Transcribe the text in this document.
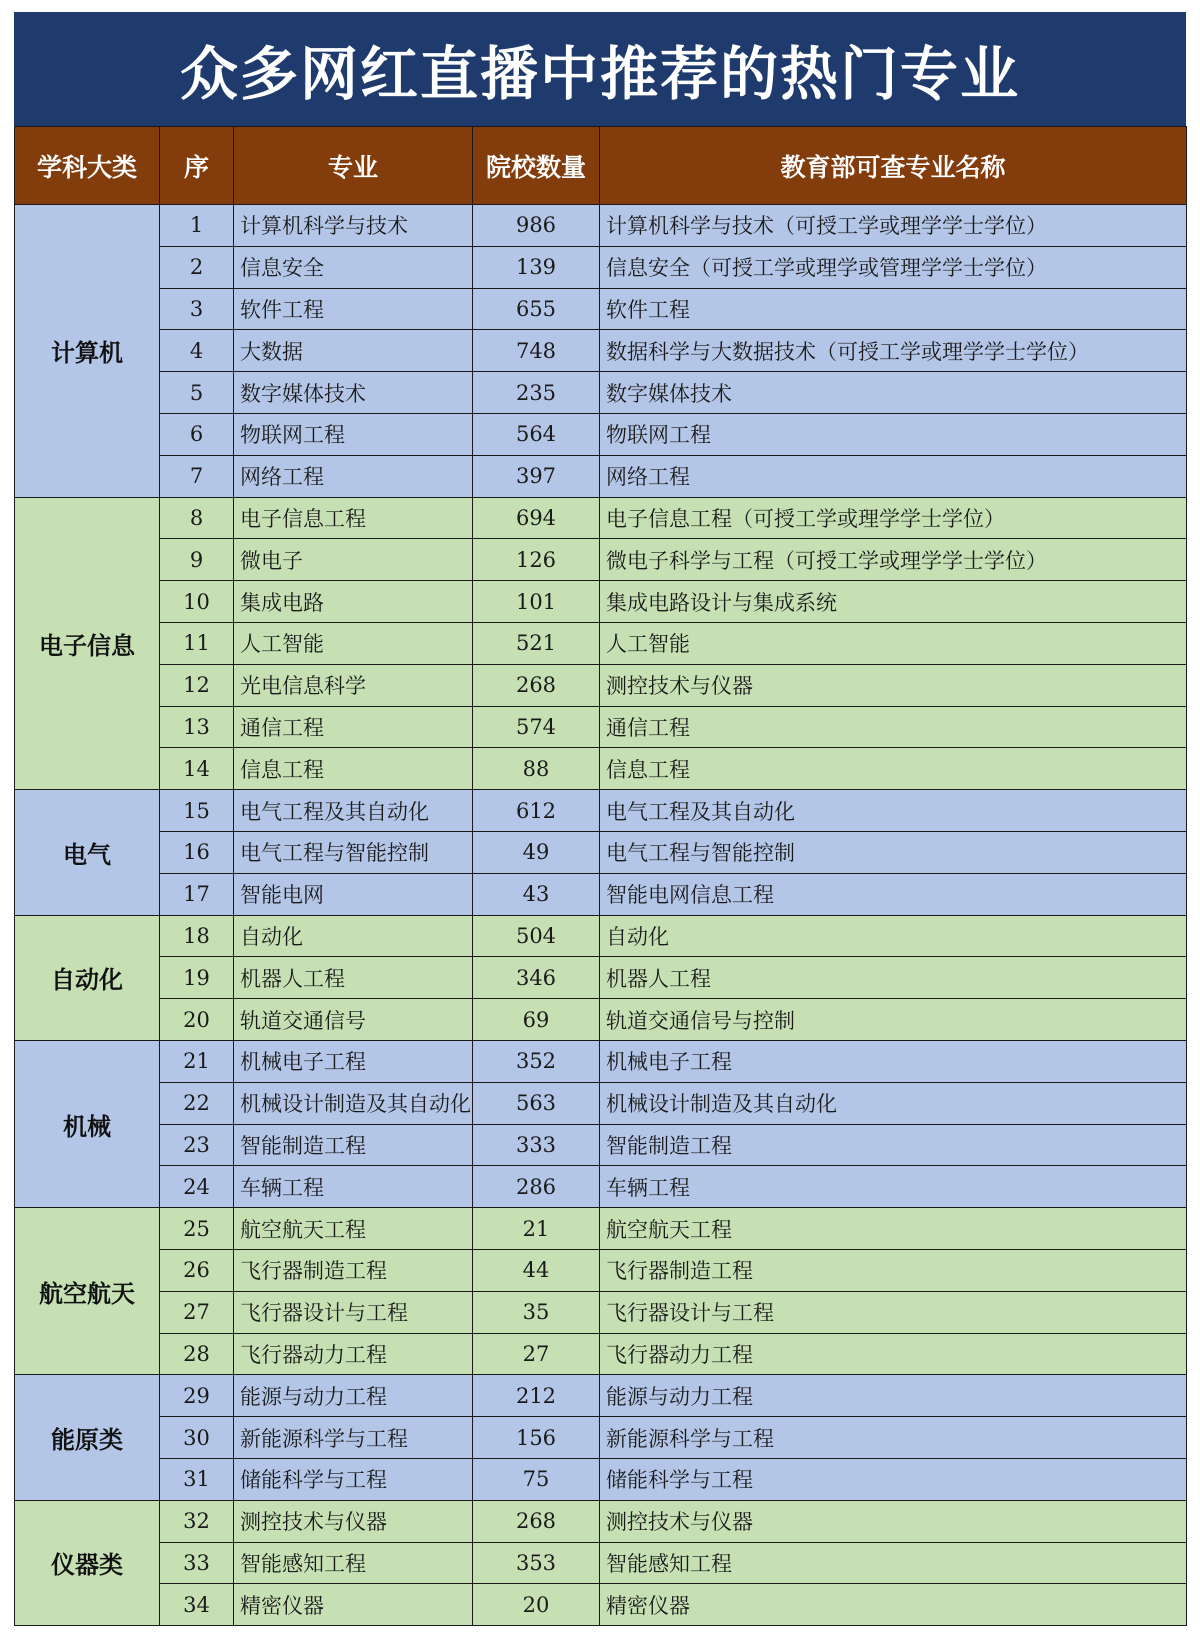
众多网红直播中推荐的热门专业
学科大类	序	专业	院校数量	教育部可查专业名称
计算机	1	计算机科学与技术	986	计算机科学与技术（可授工学或理学学士学位）
	2	信息安全	139	信息安全（可授工学或理学或管理学学士学位）
	3	软件工程	655	软件工程
	4	大数据	748	数据科学与大数据技术（可授工学或理学学士学位）
	5	数字媒体技术	235	数字媒体技术
	6	物联网工程	564	物联网工程
	7	网络工程	397	网络工程
电子信息	8	电子信息工程	694	电子信息工程（可授工学或理学学士学位）
	9	微电子	126	微电子科学与工程（可授工学或理学学士学位）
	10	集成电路	101	集成电路设计与集成系统
	11	人工智能	521	人工智能
	12	光电信息科学	268	测控技术与仪器
	13	通信工程	574	通信工程
	14	信息工程	88	信息工程
电气	15	电气工程及其自动化	612	电气工程及其自动化
	16	电气工程与智能控制	49	电气工程与智能控制
	17	智能电网	43	智能电网信息工程
自动化	18	自动化	504	自动化
	19	机器人工程	346	机器人工程
	20	轨道交通信号	69	轨道交通信号与控制
机械	21	机械电子工程	352	机械电子工程
	22	机械设计制造及其自动化	563	机械设计制造及其自动化
	23	智能制造工程	333	智能制造工程
	24	车辆工程	286	车辆工程
航空航天	25	航空航天工程	21	航空航天工程
	26	飞行器制造工程	44	飞行器制造工程
	27	飞行器设计与工程	35	飞行器设计与工程
	28	飞行器动力工程	27	飞行器动力工程
能原类	29	能源与动力工程	212	能源与动力工程
	30	新能源科学与工程	156	新能源科学与工程
	31	储能科学与工程	75	储能科学与工程
仪器类	32	测控技术与仪器	268	测控技术与仪器
	33	智能感知工程	353	智能感知工程
	34	精密仪器	20	精密仪器
